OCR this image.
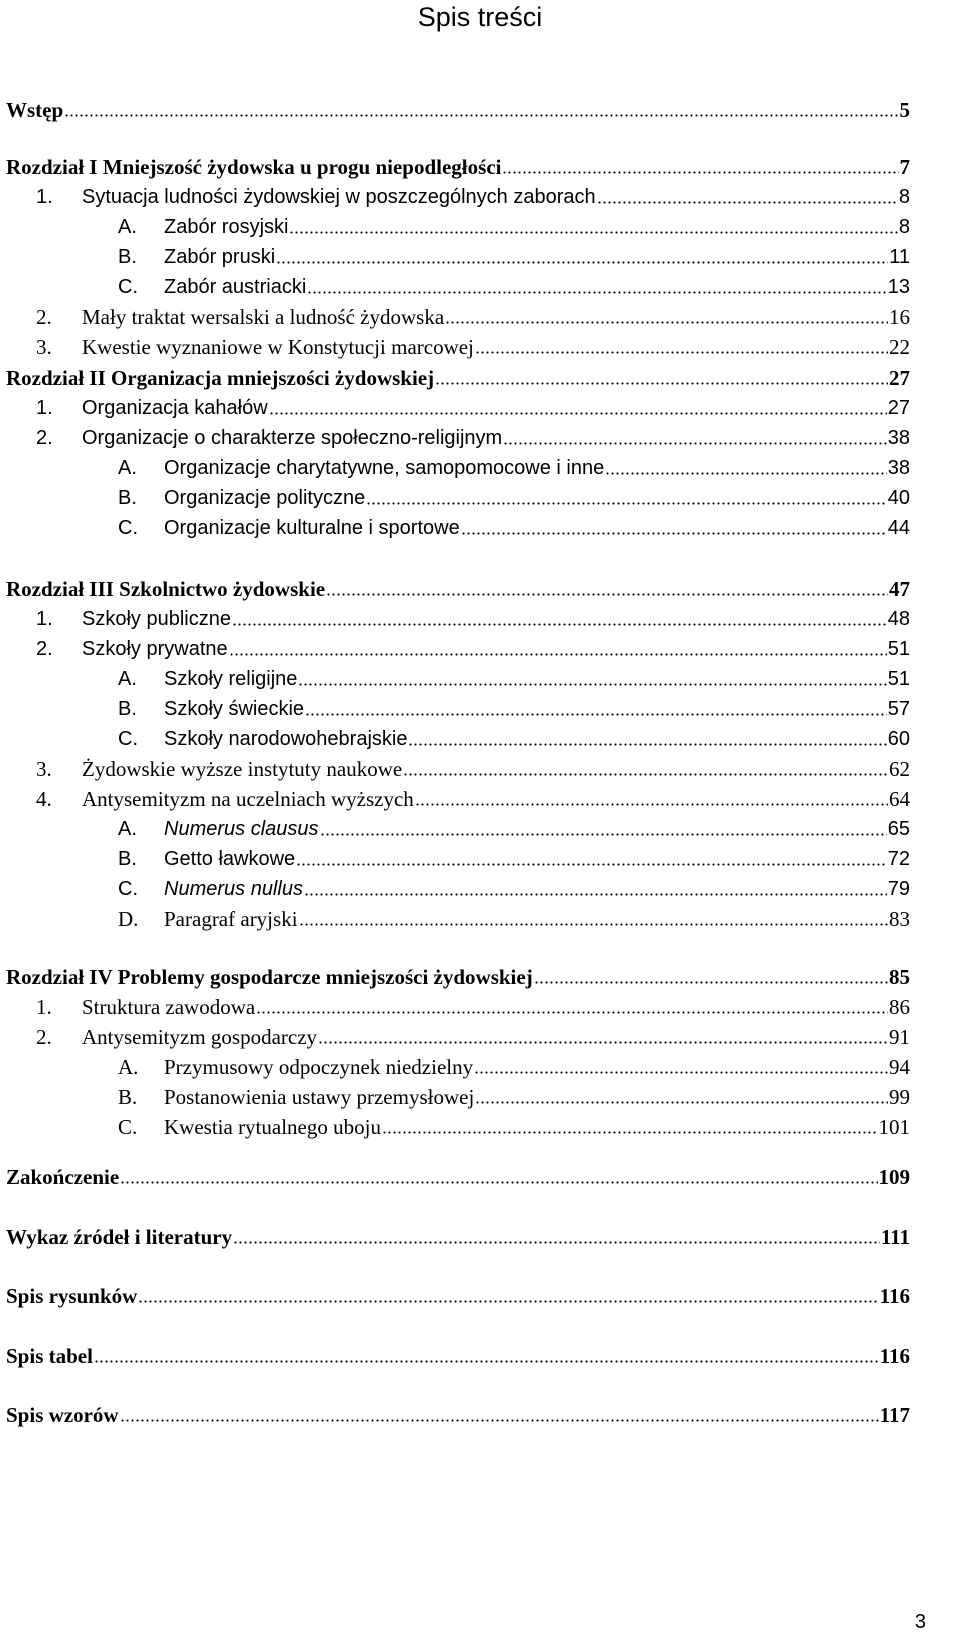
Spis treści
Wstęp	5
Rozdział I Mniejszość żydowska u progu niepodległości	7
1.	Sytuacja ludności żydowskiej w poszczególnych zaborach	8
A.	Zabór rosyjski	8
B.	Zabór pruski	11
C.	Zabór austriacki	13
2.	Mały traktat wersalski a ludność żydowska	16
3.	Kwestie wyznaniowe w Konstytucji marcowej	22
Rozdział II Organizacja mniejszości żydowskiej	27
1.	Organizacja kahałów	27
2.	Organizacje o charakterze społeczno-religijnym	38
A.	Organizacje charytatywne, samopomocowe i inne	38
B.	Organizacje polityczne	40
C.	Organizacje kulturalne i sportowe	44
Rozdział III Szkolnictwo żydowskie	47
1.	Szkoły publiczne	48
2.	Szkoły prywatne	51
A.	Szkoły religijne	51
B.	Szkoły świeckie	57
C.	Szkoły narodowohebrajskie	60
3.	Żydowskie wyższe instytuty naukowe	62
4.	Antysemityzm na uczelniach wyższych	64
A.	Numerus clausus	65
B.	Getto ławkowe	72
C.	Numerus nullus	79
D.	Paragraf aryjski	83
Rozdział IV Problemy gospodarcze mniejszości żydowskiej	85
1.	Struktura zawodowa	86
2.	Antysemityzm gospodarczy	91
A.	Przymusowy odpoczynek niedzielny	94
B.	Postanowienia ustawy przemysłowej	99
C.	Kwestia rytualnego uboju	101
Zakończenie	109
Wykaz źródeł i literatury	111
Spis rysunków	116
Spis tabel	116
Spis wzorów	117
3
